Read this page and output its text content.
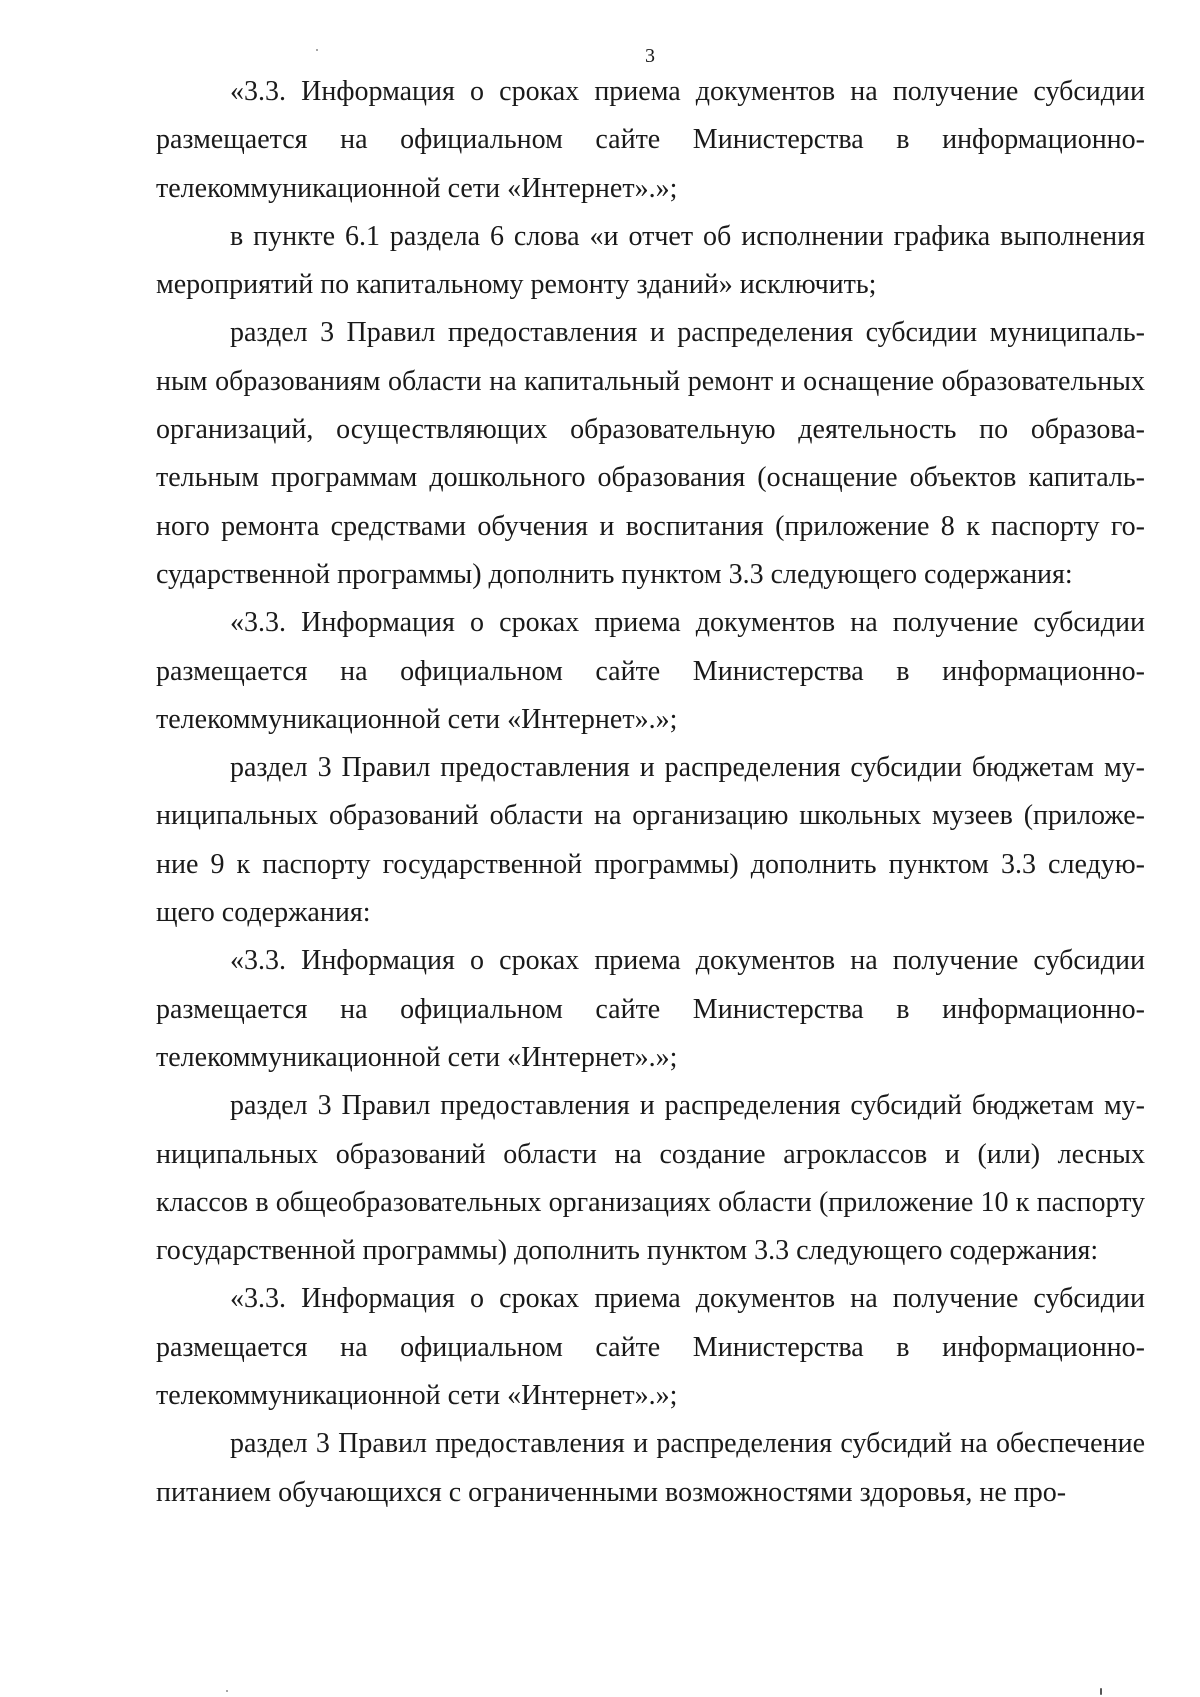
3

«3.3. Информация о сроках приема документов на получение субсидии

размещается на официальном сайте Министерства в информационно-телекоммуникационной сети «Интернет».»;

в пункте 6.1 раздела 6 слова «и отчет об исполнении графика выполнения мероприятий по капитальному ремонту зданий» исключить;

раздел 3 Правил предоставления и распределения субсидии муниципальным образованиям области на капитальный ремонт и оснащение образовательных организаций, осуществляющих образовательную деятельность по образовательным программам дошкольного образования (оснащение объектов капитального ремонта средствами обучения и воспитания (приложение 8 к паспорту государственной программы) дополнить пунктом 3.3 следующего содержания:

«3.3. Информация о сроках приема документов на получение субсидии

размещается на официальном сайте Министерства в информационно-телекоммуникационной сети «Интернет».»;

раздел 3 Правил предоставления и распределения субсидии бюджетам муниципальных образований области на организацию школьных музеев (приложение 9 к паспорту государственной программы) дополнить пунктом 3.3 следующего содержания:

«3.3. Информация о сроках приема документов на получение субсидии

размещается на официальном сайте Министерства в информационно-телекоммуникационной сети «Интернет».»;

раздел 3 Правил предоставления и распределения субсидий бюджетам муниципальных образований области на создание агроклассов и (или) лесных классов в общеобразовательных организациях области (приложение 10 к паспорту государственной программы) дополнить пунктом 3.3 следующего содержания:

«3.3. Информация о сроках приема документов на получение субсидии

размещается на официальном сайте Министерства в информационно-телекоммуникационной сети «Интернет».»;

раздел 3 Правил предоставления и распределения субсидий на обеспечение питанием обучающихся с ограниченными возможностями здоровья, не про-
